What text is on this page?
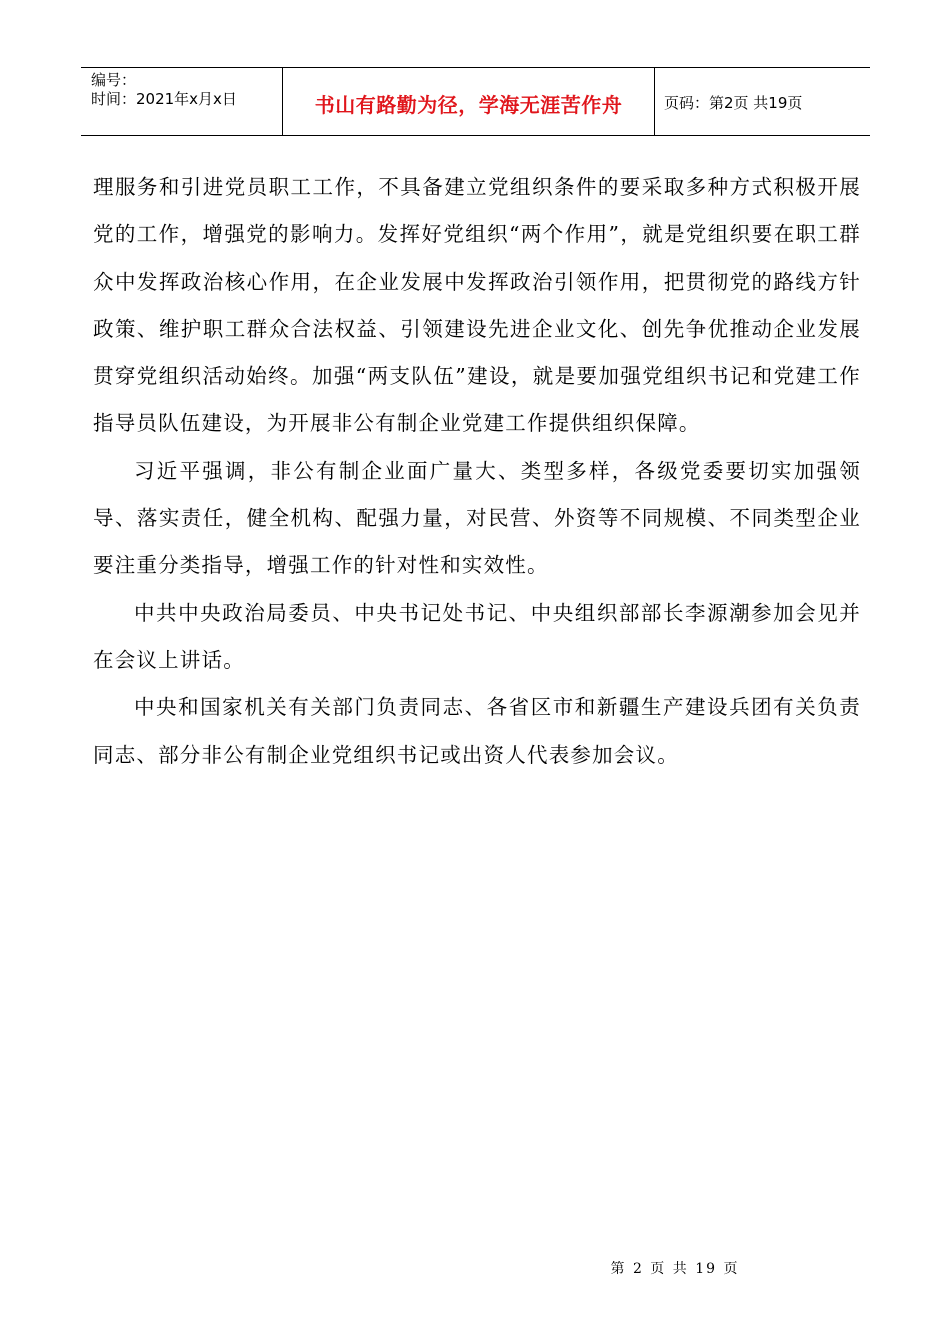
编号：
时间：2021年x月x日	书山有路勤为径，学海无涯苦作舟	页码：第2页 共19页

理服务和引进党员职工工作，不具备建立党组织条件的要采取多种方式积极开展党的工作，增强党的影响力。发挥好党组织“两个作用”，就是党组织要在职工群众中发挥政治核心作用，在企业发展中发挥政治引领作用，把贯彻党的路线方针政策、维护职工群众合法权益、引领建设先进企业文化、创先争优推动企业发展贯穿党组织活动始终。加强“两支队伍”建设，就是要加强党组织书记和党建工作指导员队伍建设，为开展非公有制企业党建工作提供组织保障。

习近平强调，非公有制企业面广量大、类型多样，各级党委要切实加强领导、落实责任，健全机构、配强力量，对民营、外资等不同规模、不同类型企业要注重分类指导，增强工作的针对性和实效性。

中共中央政治局委员、中央书记处书记、中央组织部部长李源潮参加会见并在会议上讲话。

中央和国家机关有关部门负责同志、各省区市和新疆生产建设兵团有关负责同志、部分非公有制企业党组织书记或出资人代表参加会议。

第 2 页 共 19 页
